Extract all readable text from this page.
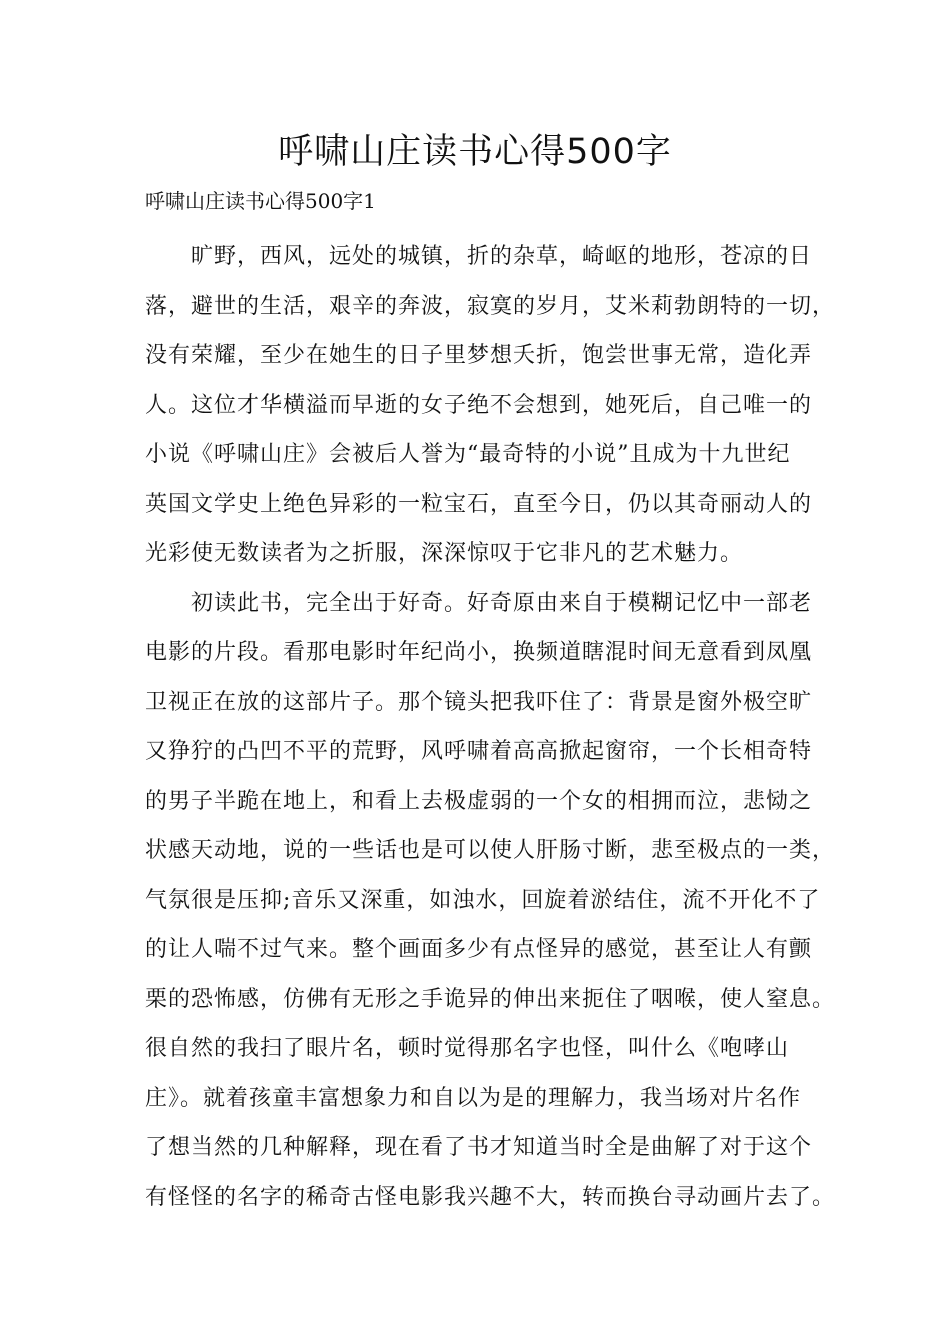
呼啸山庄读书心得500字

呼啸山庄读书心得500字1

旷野，西风，远处的城镇，折的杂草，崎岖的地形，苍凉的日
落，避世的生活，艰辛的奔波，寂寞的岁月，艾米莉勃朗特的一切，
没有荣耀，至少在她生的日子里梦想夭折，饱尝世事无常，造化弄
人。这位才华横溢而早逝的女子绝不会想到，她死后，自己唯一的
小说《呼啸山庄》会被后人誉为“最奇特的小说”且成为十九世纪
英国文学史上绝色异彩的一粒宝石，直至今日，仍以其奇丽动人的
光彩使无数读者为之折服，深深惊叹于它非凡的艺术魅力。
初读此书，完全出于好奇。好奇原由来自于模糊记忆中一部老
电影的片段。看那电影时年纪尚小，换频道瞎混时间无意看到凤凰
卫视正在放的这部片子。那个镜头把我吓住了：背景是窗外极空旷
又狰狞的凸凹不平的荒野，风呼啸着高高掀起窗帘，一个长相奇特
的男子半跪在地上，和看上去极虚弱的一个女的相拥而泣，悲恸之
状感天动地，说的一些话也是可以使人肝肠寸断，悲至极点的一类，
气氛很是压抑;音乐又深重，如浊水，回旋着淤结住，流不开化不了
的让人喘不过气来。整个画面多少有点怪异的感觉，甚至让人有颤
栗的恐怖感，仿佛有无形之手诡异的伸出来扼住了咽喉，使人窒息。
很自然的我扫了眼片名，顿时觉得那名字也怪，叫什么《咆哮山
庄》。就着孩童丰富想象力和自以为是的理解力，我当场对片名作
了想当然的几种解释，现在看了书才知道当时全是曲解了对于这个
有怪怪的名字的稀奇古怪电影我兴趣不大，转而换台寻动画片去了。
